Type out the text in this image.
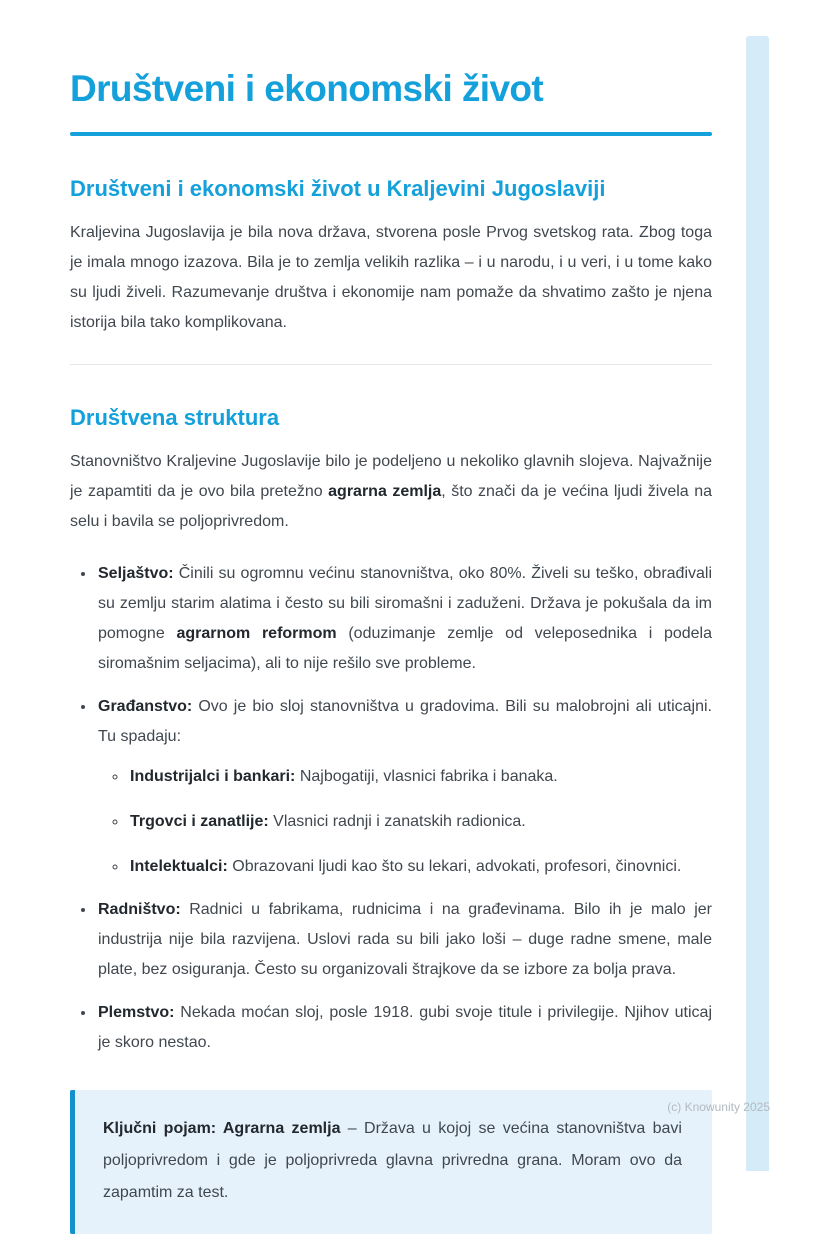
Društveni i ekonomski život
Društveni i ekonomski život u Kraljevini Jugoslaviji

Kraljevina Jugoslavija je bila nova država, stvorena posle Prvog svetskog rata. Zbog toga je imala mnogo izazova. Bila je to zemlja velikih razlika – i u narodu, i u veri, i u tome kako su ljudi živeli. Razumevanje društva i ekonomije nam pomaže da shvatimo zašto je njena istorija bila tako komplikovana.

Društvena struktura

Stanovništvo Kraljevine Jugoslavije bilo je podeljeno u nekoliko glavnih slojeva. Najvažnije je zapamtiti da je ovo bila pretežno agrarna zemlja, što znači da je većina ljudi živela na selu i bavila se poljoprivredom.

• Seljaštvo: Činili su ogromnu većinu stanovništva, oko 80%. Živeli su teško, obrađivali su zemlju starim alatima i često su bili siromašni i zaduženi. Država je pokušala da im pomogne agrarnom reformom (oduzimanje zemlje od veleposednika i podela siromašnim seljacima), ali to nije rešilo sve probleme.
• Građanstvo: Ovo je bio sloj stanovništva u gradovima. Bili su malobrojni ali uticajni. Tu spadaju:
◦ Industrijalci i bankari: Najbogatiji, vlasnici fabrika i banaka.
◦ Trgovci i zanatlije: Vlasnici radnji i zanatskih radionica.
◦ Intelektualci: Obrazovani ljudi kao što su lekari, advokati, profesori, činovnici.
• Radništvo: Radnici u fabrikama, rudnicima i na građevinama. Bilo ih je malo jer industrija nije bila razvijena. Uslovi rada su bili jako loši – duge radne smene, male plate, bez osiguranja. Često su organizovali štrajkove da se izbore za bolja prava.
• Plemstvo: Nekada moćan sloj, posle 1918. gubi svoje titule i privilegije. Njihov uticaj je skoro nestao.
Ključni pojam: Agrarna zemlja – Država u kojoj se većina stanovništva bavi poljoprivredom i gde je poljoprivreda glavna privredna grana. Moram ovo da zapamtim za test.
(c) Knowunity 2025
